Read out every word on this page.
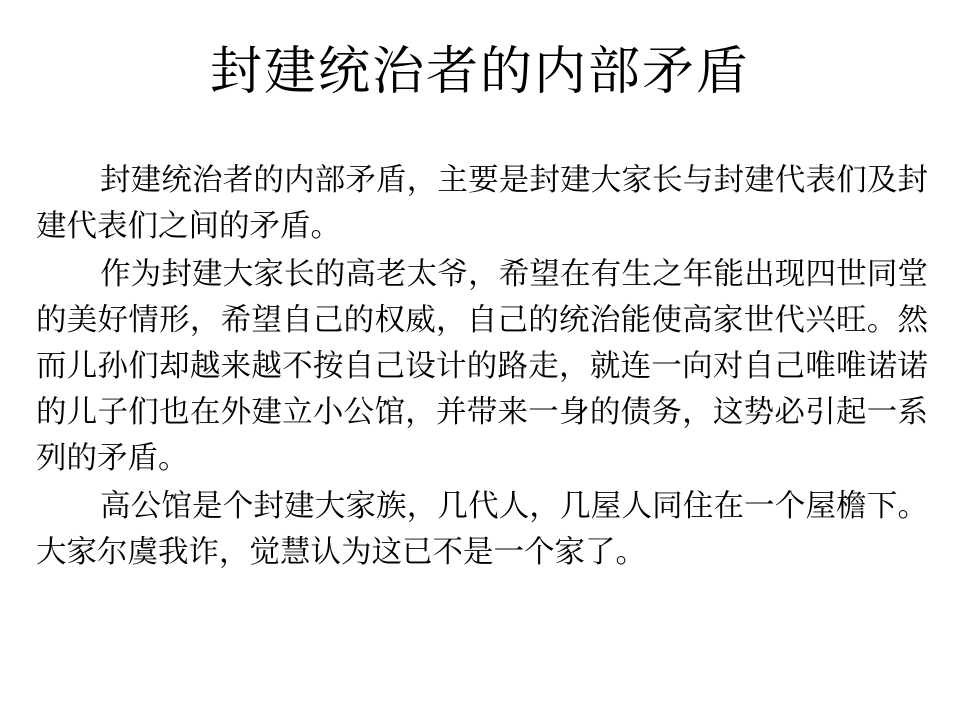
封建统治者的内部矛盾

封建统治者的内部矛盾，主要是封建大家长与封建代表们及封建代表们之间的矛盾。

作为封建大家长的高老太爷，希望在有生之年能出现四世同堂的美好情形，希望自己的权威，自己的统治能使高家世代兴旺。然而儿孙们却越来越不按自己设计的路走，就连一向对自己唯唯诺诺的儿子们也在外建立小公馆，并带来一身的债务，这势必引起一系列的矛盾。

高公馆是个封建大家族，几代人，几屋人同住在一个屋檐下。大家尔虞我诈，觉慧认为这已不是一个家了。
